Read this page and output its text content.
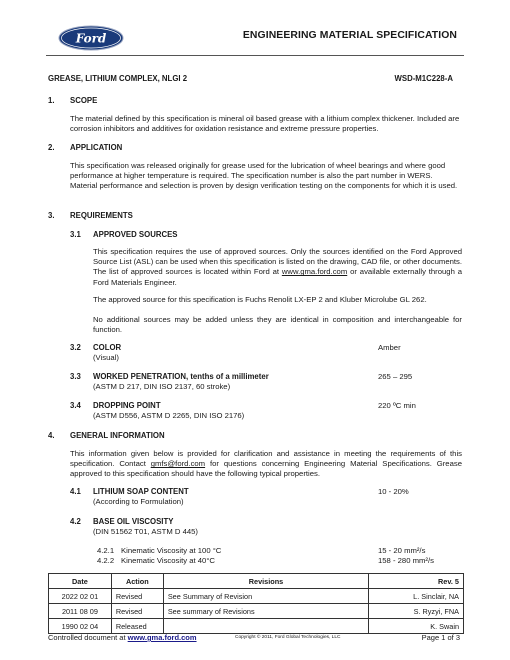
Ford	ENGINEERING MATERIAL SPECIFICATION
GREASE, LITHIUM COMPLEX, NLGI 2	WSD-M1C228-A
1. SCOPE
The material defined by this specification is mineral oil based grease with a lithium complex thickener. Included are corrosion inhibitors and additives for oxidation resistance and extreme pressure properties.
2. APPLICATION
This specification was released originally for grease used for the lubrication of wheel bearings and where good performance at higher temperature is required. The specification number is also the part number in WERS. Material performance and selection is proven by design verification testing on the components for which it is used.
3. REQUIREMENTS
3.1 APPROVED SOURCES
This specification requires the use of approved sources. Only the sources identified on the Ford Approved Source List (ASL) can be used when this specification is listed on the drawing, CAD file, or other documents. The list of approved sources is located within Ford at www.gma.ford.com or available externally through a Ford Materials Engineer.
The approved source for this specification is Fuchs Renolit LX-EP 2 and Kluber Microlube GL 262.
No additional sources may be added unless they are identical in composition and interchangeable for function.
3.2 COLOR
(Visual)
Amber
3.3 WORKED PENETRATION, tenths of a millimeter
(ASTM D 217, DIN ISO 2137, 60 stroke)
265 – 295
3.4 DROPPING POINT
(ASTM D556, ASTM D 2265, DIN ISO 2176)
220 ºC min
4. GENERAL INFORMATION
This information given below is provided for clarification and assistance in meeting the requirements of this specification. Contact gmfs@ford.com for questions concerning Engineering Material Specifications. Grease approved to this specification should have the following typical properties.
4.1 LITHIUM SOAP CONTENT
(According to Formulation)
10 - 20%
4.2 BASE OIL VISCOSITY
(DIN 51562 T01, ASTM D 445)
4.2.1 Kinematic Viscosity at 100 °C	15 - 20 mm²/s
4.2.2 Kinematic Viscosity at 40°C	158 - 280 mm²/s
Date	Action	Revisions	Rev. 5
2022 02 01	Revised	See Summary of Revision	L. Sinclair, NA
2011 08 09	Revised	See summary of Revisions	S. Ryzyi, FNA
1990 02 04	Released		K. Swain
Controlled document at www.gma.ford.com	Copyright © 2011, Ford Global Technologies, LLC	Page 1 of 3
